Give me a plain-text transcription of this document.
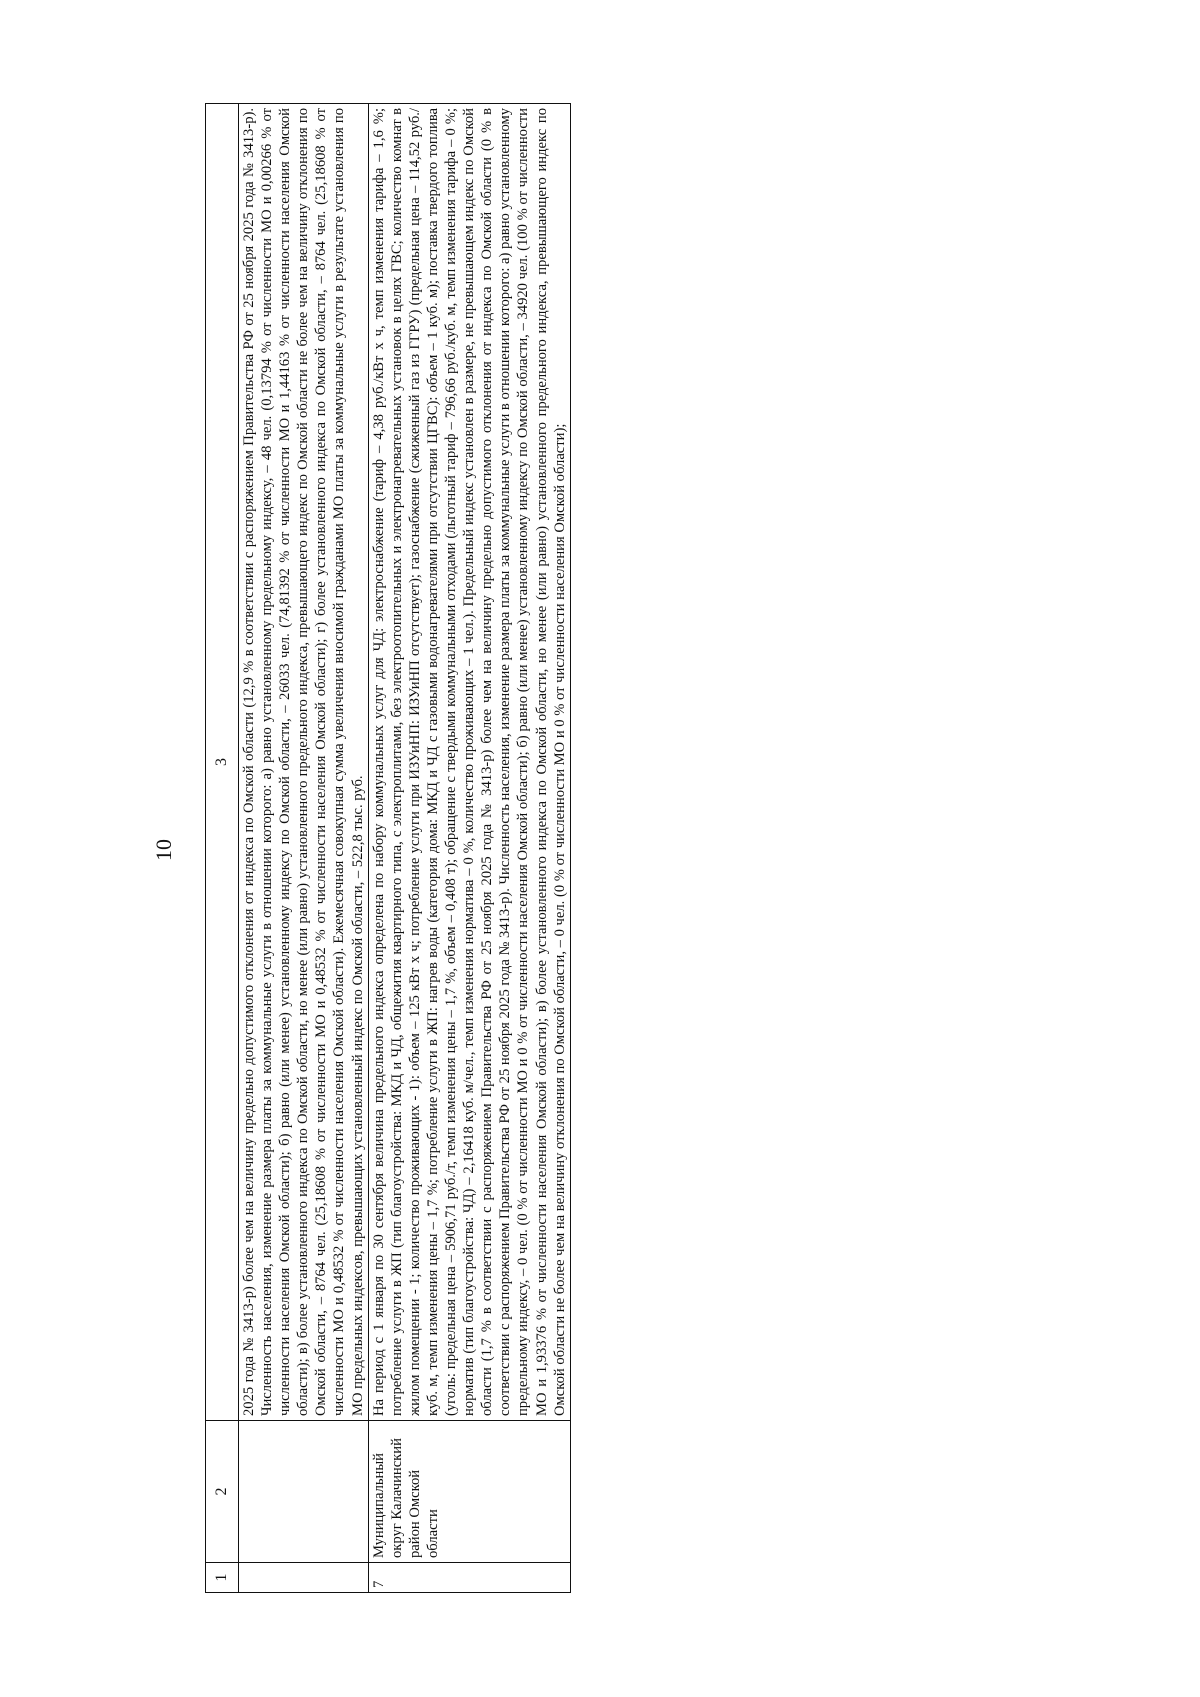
10
1	2	3
		2025 года № 3413-р) более чем на величину предельно допустимого отклонения от индекса по Омской области (12,9 % в соответствии с распоряжением Правительства РФ от 25 ноября 2025 года № 3413-р). Численность населения, изменение размера платы за коммунальные услуги в отношении которого: а) равно установленному предельному индексу, – 48 чел. (0,13794 % от численности МО и 0,00266 % от численности населения Омской области); б) равно (или менее) установленному индексу по Омской области, – 26033 чел. (74,81392 % от численности МО и 1,44163 % от численности населения Омской области); в) более установленного индекса по Омской области, но менее (или равно) установленного предельного индекса, превышающего индекс по Омской области не более чем на величину отклонения по Омской области, – 8764 чел. (25,18608 % от численности МО и 0,48532 % от численности населения Омской области); г) более установленного индекса по Омской области, – 8764 чел. (25,18608 % от численности МО и 0,48532 % от численности населения Омской области). Ежемесячная совокупная сумма увеличения вносимой гражданами МО платы за коммунальные услуги в результате установления по МО предельных индексов, превышающих установленный индекс по Омской области, – 522,8 тыс. руб.
7	Муниципальный округ Калачинский район Омской области	На период с 1 января по 30 сентября величина предельного индекса определена по набору коммунальных услуг для ЧД: электроснабжение (тариф – 4,38 руб./кВт х ч, темп изменения тарифа – 1,6 %; потребление услуги в ЖП (тип благоустройства: МКД и ЧД, общежития квартирного типа, с электроплитами, без электроотопительных и электронагревательных установок в целях ГВС; количество комнат в жилом помещении - 1; количество проживающих - 1): объем – 125 кВт х ч; потребление услуги при ИЗУиНП: ИЗУиНП отсутствует); газоснабжение (сжиженный газ из ГГРУ) (предельная цена – 114,52 руб./куб. м, темп изменения цены – 1,7 %; потребление услуги в ЖП: нагрев воды (категория дома: МКД и ЧД с газовыми водонагревателями при отсутствии ЦГВС): объем – 1 куб. м); поставка твердого топлива (уголь: предельная цена – 5906,71 руб./т, темп изменения цены – 1,7 %, объем – 0,408 т); обращение с твердыми коммунальными отходами (льготный тариф – 796,66 руб./куб. м, темп изменения тарифа – 0 %; норматив (тип благоустройства: ЧД) – 2,16418 куб. м/чел., темп изменения норматива – 0 %, количество проживающих – 1 чел.). Предельный индекс установлен в размере, не превышающем индекс по Омской области (1,7 % в соответствии с распоряжением Правительства РФ от 25 ноября 2025 года № 3413-р) более чем на величину предельно допустимого отклонения от индекса по Омской области (0 % в соответствии с распоряжением Правительства РФ от 25 ноября 2025 года № 3413-р). Численность населения, изменение размера платы за коммунальные услуги в отношении которого: а) равно установленному предельному индексу, – 0 чел. (0 % от численности МО и 0 % от численности населения Омской области); б) равно (или менее) установленному индексу по Омской области, – 34920 чел. (100 % от численности МО и 1,93376 % от численности населения Омской области); в) более установленного индекса по Омской области, но менее (или равно) установленного предельного индекса, превышающего индекс по Омской области не более чем на величину отклонения по Омской области, – 0 чел. (0 % от численности МО и 0 % от численности населения Омской области);
